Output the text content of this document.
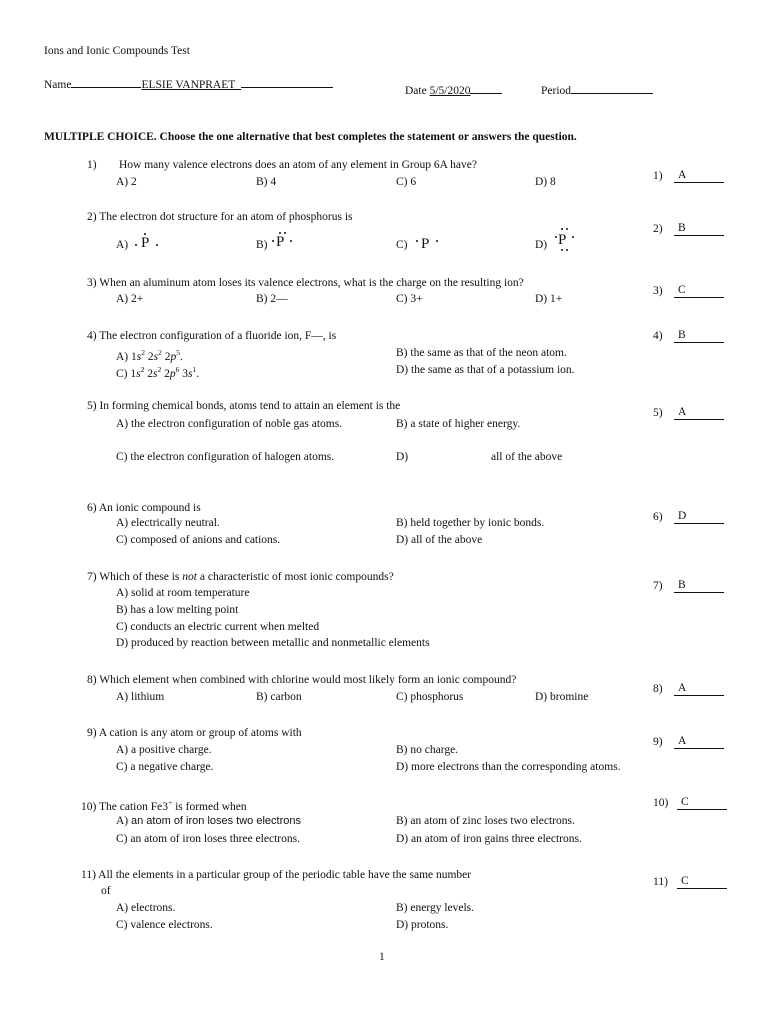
Ions and Ionic Compounds Test
Name	ELSIE VANPRAET_	Date 5/5/2020	Period
MULTIPLE CHOICE. Choose the one alternative that best completes the statement or answers the question.
1) How many valence electrons does an atom of any element in Group 6A have?
A) 2	B) 4	C) 6	D) 8	1) A
2) The electron dot structure for an atom of phosphorus is
A) P	B) P	C) P	D) P
2) B
3) When an aluminum atom loses its valence electrons, what is the charge on the resulting ion?
A) 2+	B) 2—	C) 3+	D) 1+
3) C
4) The electron configuration of a fluoride ion, F—, is
A) $1s^2$ $2s^2$ $2p^5$.	B) the same as that of the neon atom.
C) $1s^2$ $2s^2$ $2p^6$ $3s^1$.	D) the same as that of a potassium ion.
4) B
5) In forming chemical bonds, atoms tend to attain an element is the
A) the electron configuration of noble gas atoms.	B) a state of higher energy.
C) the electron configuration of halogen atoms.	D)	all of the above
5) A
6) An ionic compound is
A) electrically neutral.	B) held together by ionic bonds.
C) composed of anions and cations.	D) all of the above
6) D
7) Which of these is not a characteristic of most ionic compounds?
A) solid at room temperature
B) has a low melting point
C) conducts an electric current when melted
D) produced by reaction between metallic and nonmetallic elements
7) B
8) Which element when combined with chlorine would most likely form an ionic compound?
A) lithium	B) carbon	C) phosphorus	D) bromine
8) A
9) A cation is any atom or group of atoms with
A) a positive charge.	B) no charge.
C) a negative charge.	D) more electrons than the corresponding atoms.
9) A
10) The cation Fe3+ is formed when
A) an atom of iron loses two electrons	B) an atom of zinc loses two electrons.
C) an atom of iron loses three electrons.	D) an atom of iron gains three electrons.
10) C
11) All the elements in a particular group of the periodic table have the same number
of
A) electrons.	B) energy levels.
C) valence electrons.	D) protons.
11) C
1
